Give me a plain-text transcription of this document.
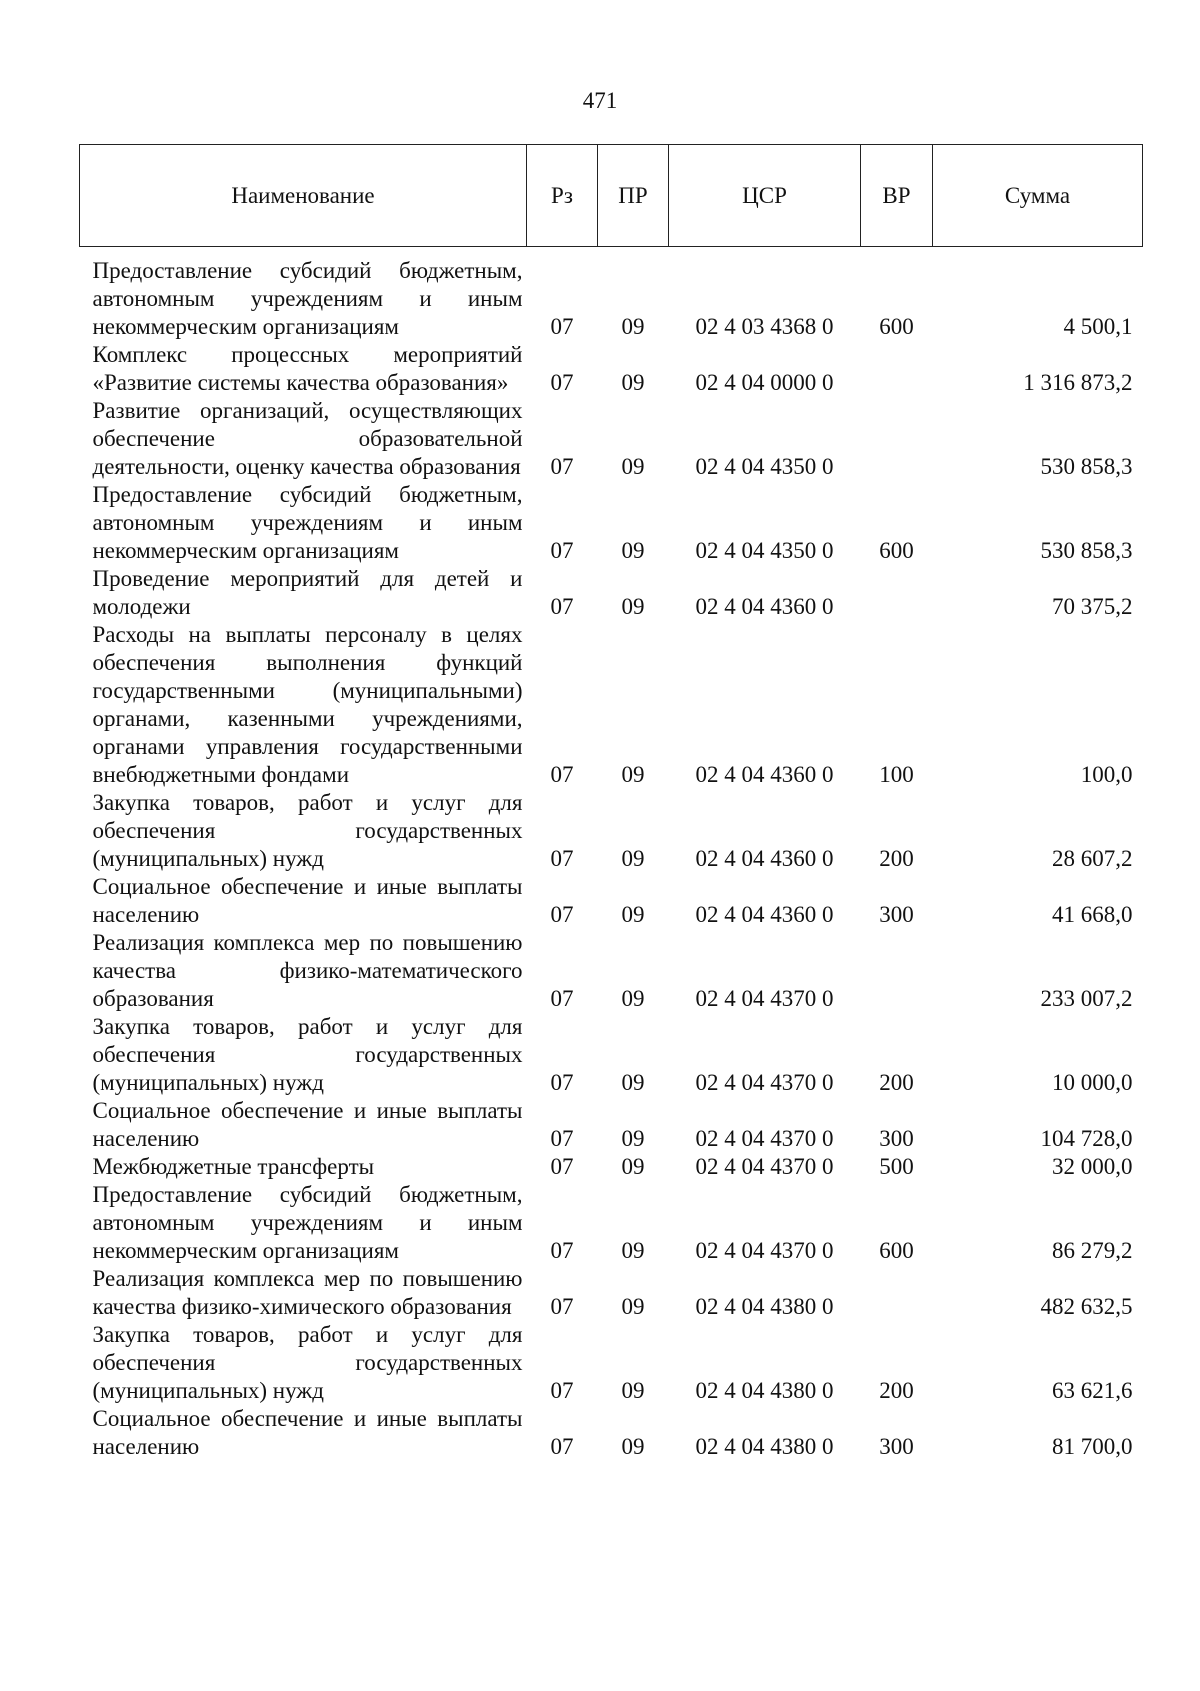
471
Наименование	Рз	ПР	ЦСР	ВР	Сумма
Предоставление субсидий бюджетным, автономным учреждениям и иным некоммерческим организациям	07	09	02 4 03 4368 0	600	4 500,1
Комплекс процессных мероприятий «Развитие системы качества образования»	07	09	02 4 04 0000 0		1 316 873,2
Развитие организаций, осуществляющих обеспечение образовательной деятельности, оценку качества образования	07	09	02 4 04 4350 0		530 858,3
Предоставление субсидий бюджетным, автономным учреждениям и иным некоммерческим организациям	07	09	02 4 04 4350 0	600	530 858,3
Проведение мероприятий для детей и молодежи	07	09	02 4 04 4360 0		70 375,2
Расходы на выплаты персоналу в целях обеспечения выполнения функций государственными (муниципальными) органами, казенными учреждениями, органами управления государственными внебюджетными фондами	07	09	02 4 04 4360 0	100	100,0
Закупка товаров, работ и услуг для обеспечения государственных (муниципальных) нужд	07	09	02 4 04 4360 0	200	28 607,2
Социальное обеспечение и иные выплаты населению	07	09	02 4 04 4360 0	300	41 668,0
Реализация комплекса мер по повышению качества физико-математического образования	07	09	02 4 04 4370 0		233 007,2
Закупка товаров, работ и услуг для обеспечения государственных (муниципальных) нужд	07	09	02 4 04 4370 0	200	10 000,0
Социальное обеспечение и иные выплаты населению	07	09	02 4 04 4370 0	300	104 728,0
Межбюджетные трансферты	07	09	02 4 04 4370 0	500	32 000,0
Предоставление субсидий бюджетным, автономным учреждениям и иным некоммерческим организациям	07	09	02 4 04 4370 0	600	86 279,2
Реализация комплекса мер по повышению качества физико-химического образования	07	09	02 4 04 4380 0		482 632,5
Закупка товаров, работ и услуг для обеспечения государственных (муниципальных) нужд	07	09	02 4 04 4380 0	200	63 621,6
Социальное обеспечение и иные выплаты населению	07	09	02 4 04 4380 0	300	81 700,0
